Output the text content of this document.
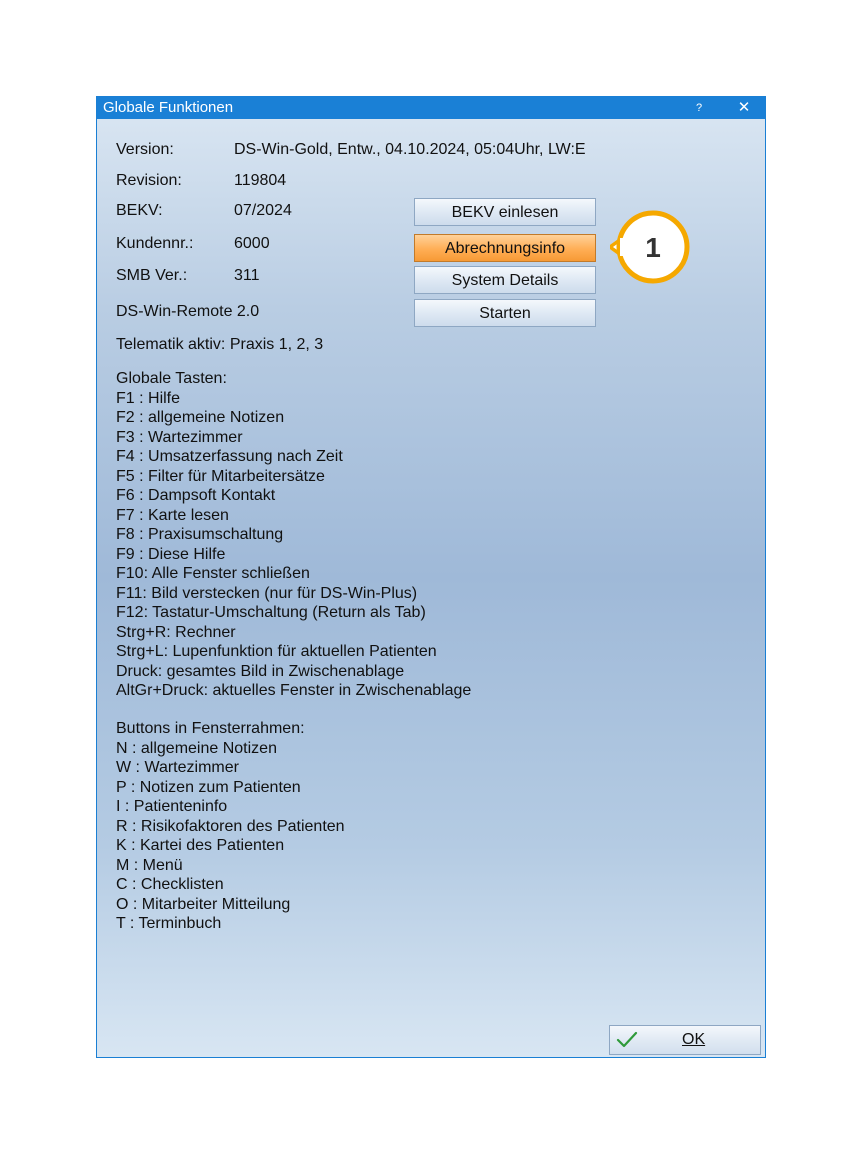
Globale Funktionen	?	✕
Version:	DS-Win-Gold, Entw., 04.10.2024, 05:04Uhr, LW:E
Revision:	119804
BEKV:	07/2024
Kundennr.:	6000
SMB Ver.:	311
DS-Win-Remote 2.0
Telematik aktiv: Praxis 1, 2, 3
BEKV einlesen
Abrechnungsinfo
System Details
Starten
Globale Tasten:
F1 : Hilfe
F2 : allgemeine Notizen
F3 : Wartezimmer
F4 : Umsatzerfassung nach Zeit
F5 : Filter für Mitarbeitersätze
F6 : Dampsoft Kontakt
F7 : Karte lesen
F8 : Praxisumschaltung
F9 : Diese Hilfe
F10: Alle Fenster schließen
F11: Bild verstecken (nur für DS-Win-Plus)
F12: Tastatur-Umschaltung (Return als Tab)
Strg+R: Rechner
Strg+L: Lupenfunktion für aktuellen Patienten
Druck: gesamtes Bild in Zwischenablage
AltGr+Druck: aktuelles Fenster in Zwischenablage
Buttons in Fensterrahmen:
N : allgemeine Notizen
W : Wartezimmer
P : Notizen zum Patienten
I : Patienteninfo
R : Risikofaktoren des Patienten
K : Kartei des Patienten
M : Menü
C : Checklisten
O : Mitarbeiter Mitteilung
T : Terminbuch
OK
1
